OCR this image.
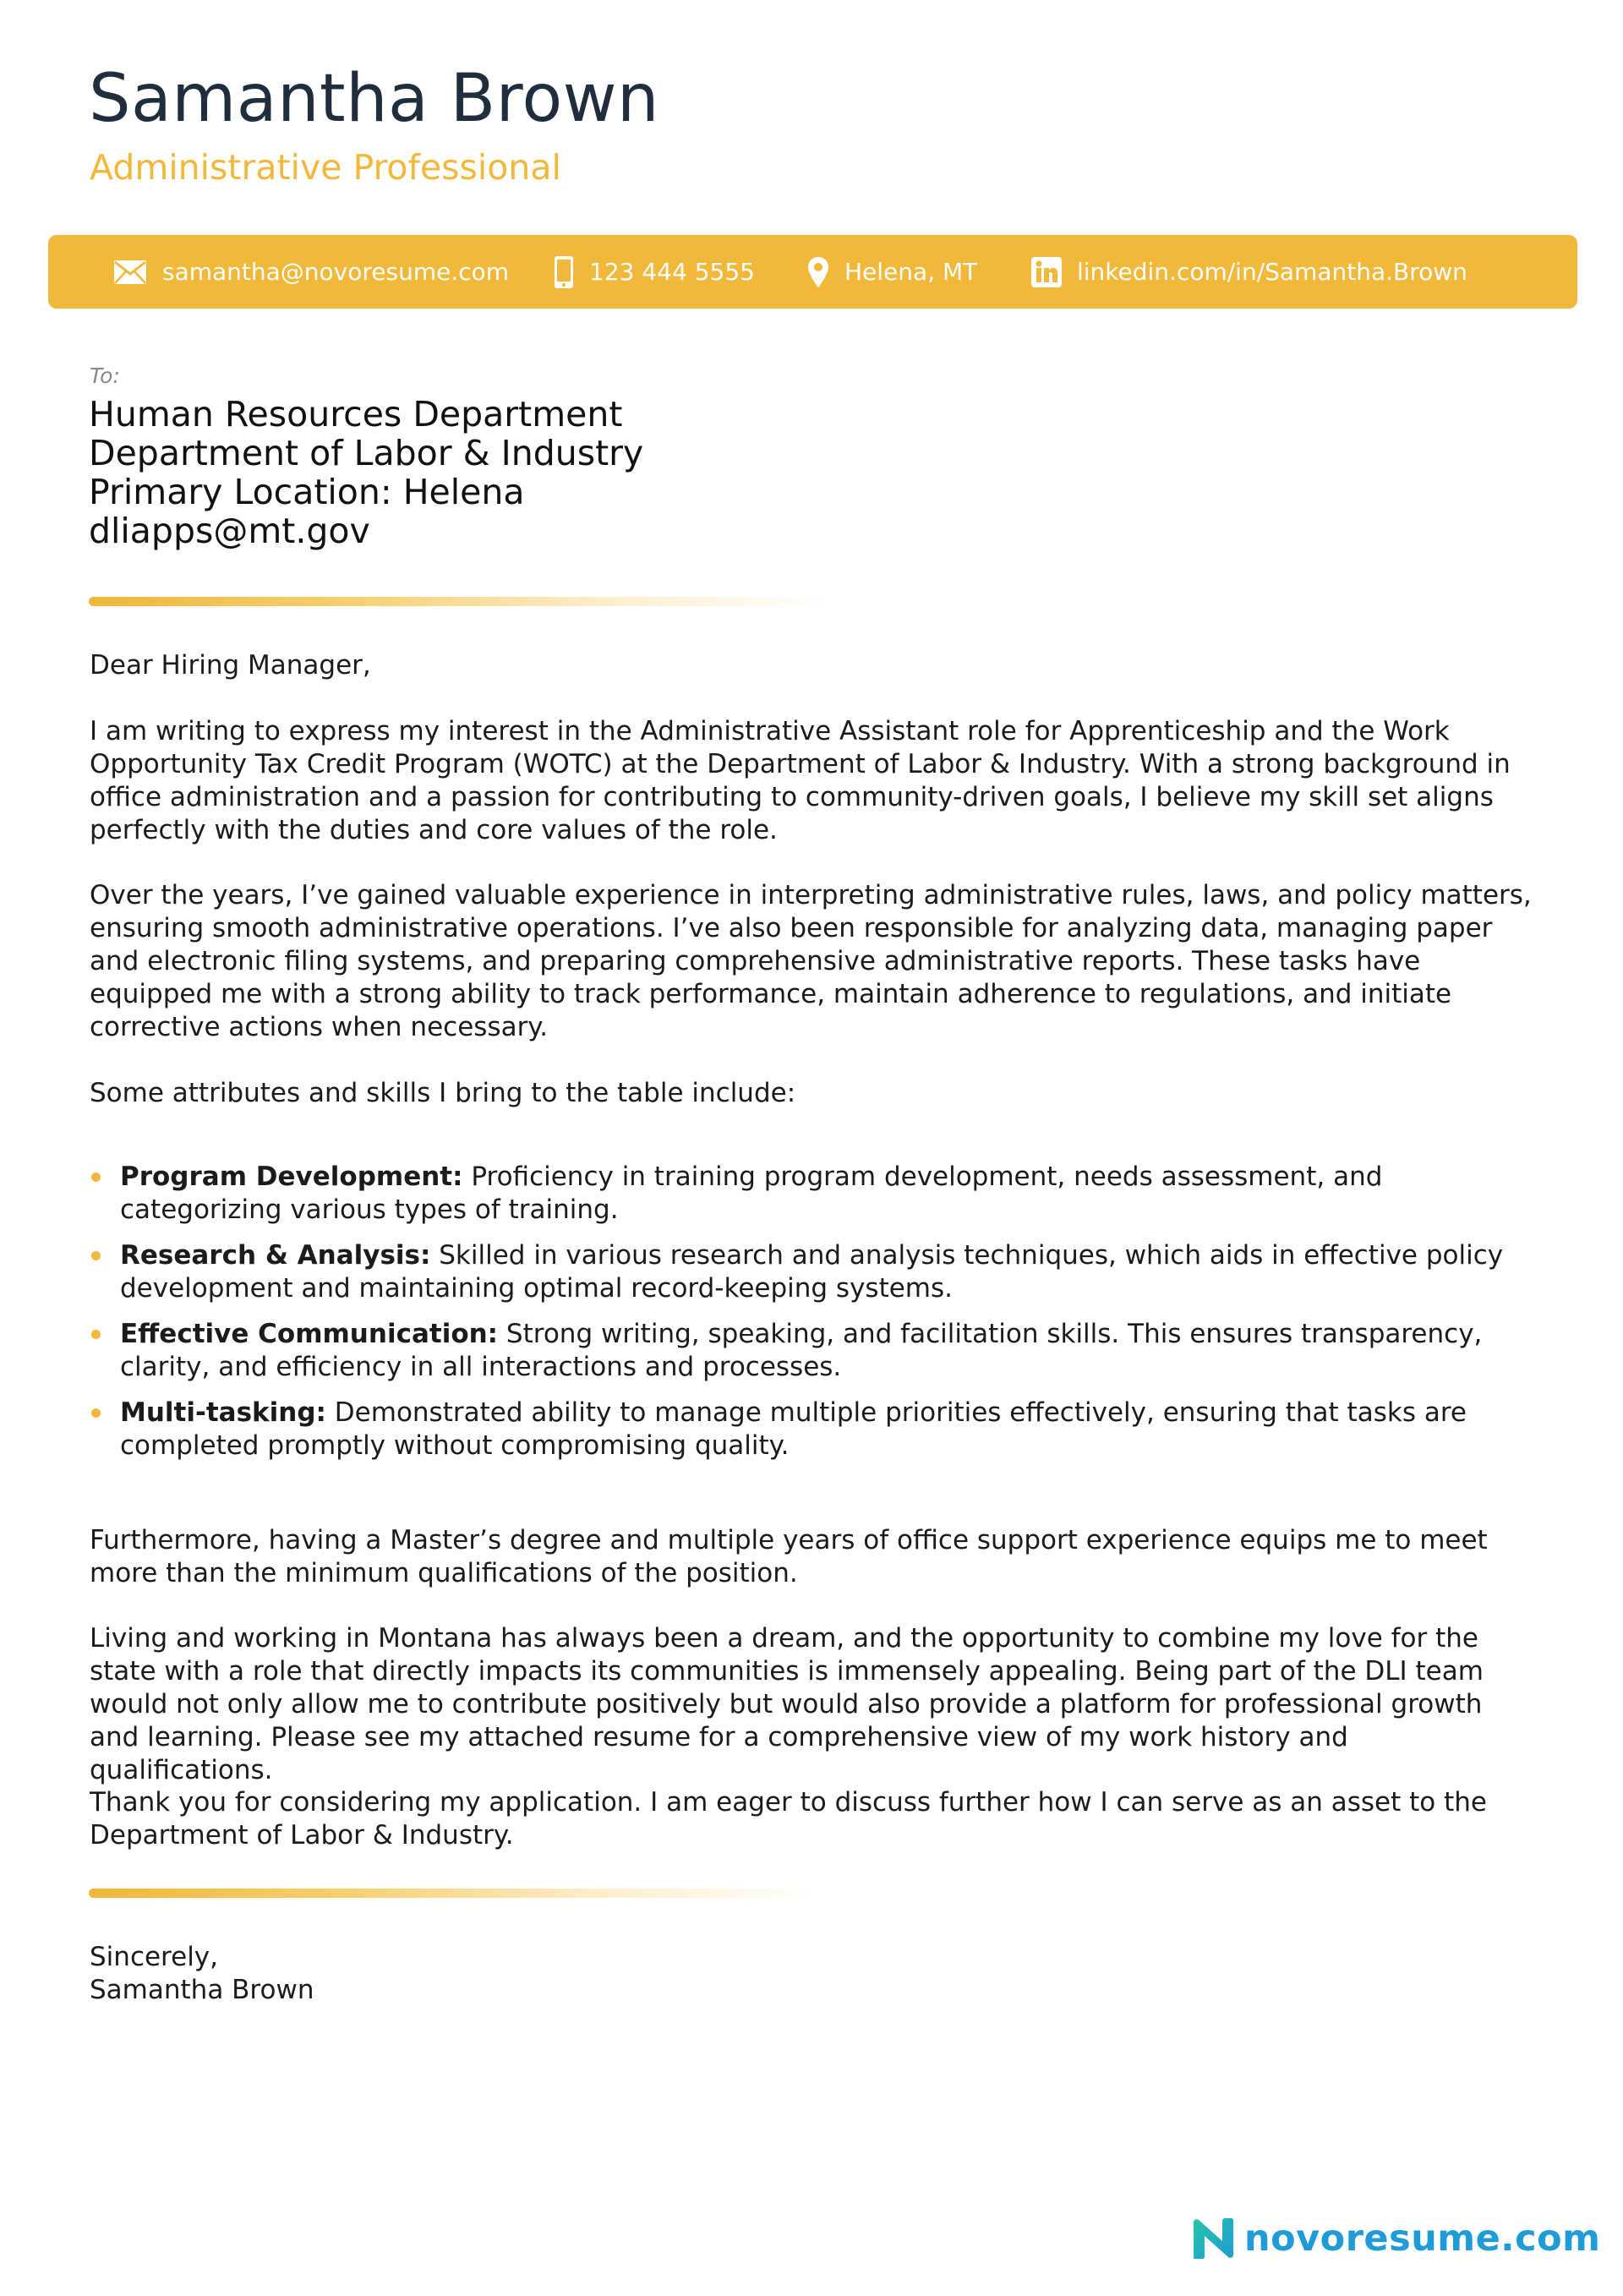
Samantha Brown
Administrative Professional
samantha@novoresume.com	123 444 5555	Helena, MT	linkedin.com/in/Samantha.Brown
To:
Human Resources Department
Department of Labor & Industry
Primary Location: Helena
dliapps@mt.gov
Dear Hiring Manager,
I am writing to express my interest in the Administrative Assistant role for Apprenticeship and the Work Opportunity Tax Credit Program (WOTC) at the Department of Labor & Industry. With a strong background in office administration and a passion for contributing to community-driven goals, I believe my skill set aligns perfectly with the duties and core values of the role.
Over the years, I’ve gained valuable experience in interpreting administrative rules, laws, and policy matters, ensuring smooth administrative operations. I’ve also been responsible for analyzing data, managing paper and electronic filing systems, and preparing comprehensive administrative reports. These tasks have equipped me with a strong ability to track performance, maintain adherence to regulations, and initiate corrective actions when necessary.
Some attributes and skills I bring to the table include:
Program Development: Proficiency in training program development, needs assessment, and categorizing various types of training.
Research & Analysis: Skilled in various research and analysis techniques, which aids in effective policy development and maintaining optimal record-keeping systems.
Effective Communication: Strong writing, speaking, and facilitation skills. This ensures transparency, clarity, and efficiency in all interactions and processes.
Multi-tasking: Demonstrated ability to manage multiple priorities effectively, ensuring that tasks are completed promptly without compromising quality.
Furthermore, having a Master’s degree and multiple years of office support experience equips me to meet more than the minimum qualifications of the position.
Living and working in Montana has always been a dream, and the opportunity to combine my love for the state with a role that directly impacts its communities is immensely appealing. Being part of the DLI team would not only allow me to contribute positively but would also provide a platform for professional growth and learning. Please see my attached resume for a comprehensive view of my work history and qualifications.
Thank you for considering my application. I am eager to discuss further how I can serve as an asset to the Department of Labor & Industry.
Sincerely,
Samantha Brown
novoresume.com
